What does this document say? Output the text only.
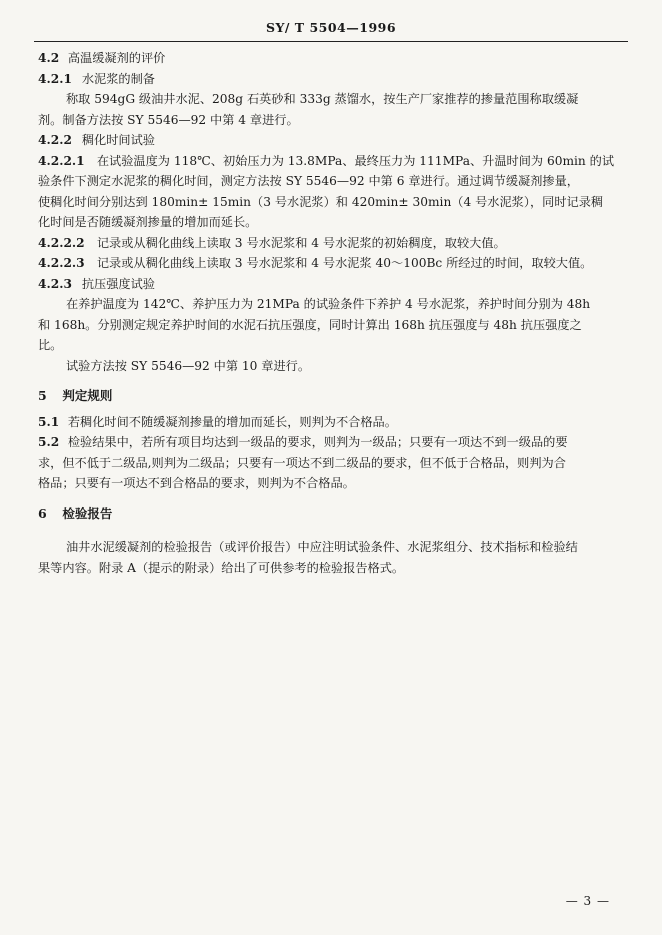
SY/ T 5504—1996
4.2 高温缓凝剂的评价
4.2.1 水泥浆的制备
称取 594gG 级油井水泥、208g 石英砂和 333g 蒸馏水，按生产厂家推荐的掺量范围称取缓凝
剂。制备方法按 SY 5546—92 中第 4 章进行。
4.2.2 稠化时间试验
4.2.2.1 在试验温度为 118℃、初始压力为 13.8MPa、最终压力为 111MPa、升温时间为 60min 的试
验条件下测定水泥浆的稠化时间，测定方法按 SY 5546—92 中第 6 章进行。通过调节缓凝剂掺量，
使稠化时间分别达到 180min± 15min（3 号水泥浆）和 420min± 30min（4 号水泥浆），同时记录稠
化时间是否随缓凝剂掺量的增加而延长。
4.2.2.2 记录或从稠化曲线上读取 3 号水泥浆和 4 号水泥浆的初始稠度，取较大值。
4.2.2.3 记录或从稠化曲线上读取 3 号水泥浆和 4 号水泥浆 40～100Bc 所经过的时间，取较大值。
4.2.3 抗压强度试验
在养护温度为 142℃、养护压力为 21MPa 的试验条件下养护 4 号水泥浆，养护时间分别为 48h
和 168h。分别测定规定养护时间的水泥石抗压强度，同时计算出 168h 抗压强度与 48h 抗压强度之
比。
试验方法按 SY 5546—92 中第 10 章进行。
5 判定规则
5.1 若稠化时间不随缓凝剂掺量的增加而延长，则判为不合格品。
5.2 检验结果中，若所有项目均达到一级品的要求，则判为一级品；只要有一项达不到一级品的要
求，但不低于二级品,则判为二级品；只要有一项达不到二级品的要求，但不低于合格品，则判为合
格品；只要有一项达不到合格品的要求，则判为不合格品。
6 检验报告
油井水泥缓凝剂的检验报告（或评价报告）中应注明试验条件、水泥浆组分、技术指标和检验结
果等内容。附录 A（提示的附录）给出了可供参考的检验报告格式。
— 3 —
